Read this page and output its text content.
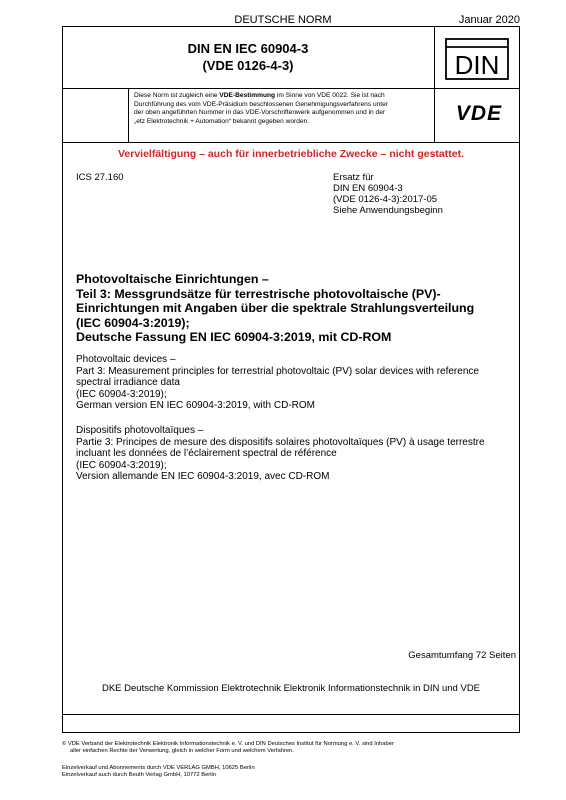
DEUTSCHE NORM	Januar 2020
DIN EN IEC 60904-3
(VDE 0126-4-3)	DIN
Diese Norm ist zugleich eine VDE-Bestimmung im Sinne von VDE 0022. Sie ist nach
Durchführung des vom VDE-Präsidium beschlossenen Genehmigungsverfahrens unter
der oben angeführten Nummer in das VDE-Vorschriftenwerk aufgenommen und in der
„etz Elektrotechnik + Automation“ bekannt gegeben worden.	VDE
Vervielfältigung – auch für innerbetriebliche Zwecke – nicht gestattet.
ICS 27.160	Ersatz für
DIN EN 60904-3
(VDE 0126-4-3):2017-05
Siehe Anwendungsbeginn
Photovoltaische Einrichtungen –
Teil 3: Messgrundsätze für terrestrische photovoltaische (PV)-
Einrichtungen mit Angaben über die spektrale Strahlungsverteilung
(IEC 60904-3:2019);
Deutsche Fassung EN IEC 60904-3:2019, mit CD-ROM
Photovoltaic devices –
Part 3: Measurement principles for terrestrial photovoltaic (PV) solar devices with reference
spectral irradiance data
(IEC 60904-3:2019);
German version EN IEC 60904-3:2019, with CD-ROM
Dispositifs photovoltaïques –
Partie 3: Principes de mesure des dispositifs solaires photovoltaïques (PV) à usage terrestre
incluant les données de l’éclairement spectral de référence
(IEC 60904-3:2019);
Version allemande EN IEC 60904-3:2019, avec CD-ROM
Gesamtumfang 72 Seiten
DKE Deutsche Kommission Elektrotechnik Elektronik Informationstechnik in DIN und VDE
© VDE Verband der Elektrotechnik Elektronik Informationstechnik e. V. und DIN Deutsches Institut für Normung e. V. sind Inhaber
aller einfachen Rechte der Verwertung, gleich in welcher Form und welchem Verfahren.
Einzelverkauf und Abonnements durch VDE VERLAG GMBH, 10625 Berlin
Einzelverkauf auch durch Beuth Verlag GmbH, 10772 Berlin
